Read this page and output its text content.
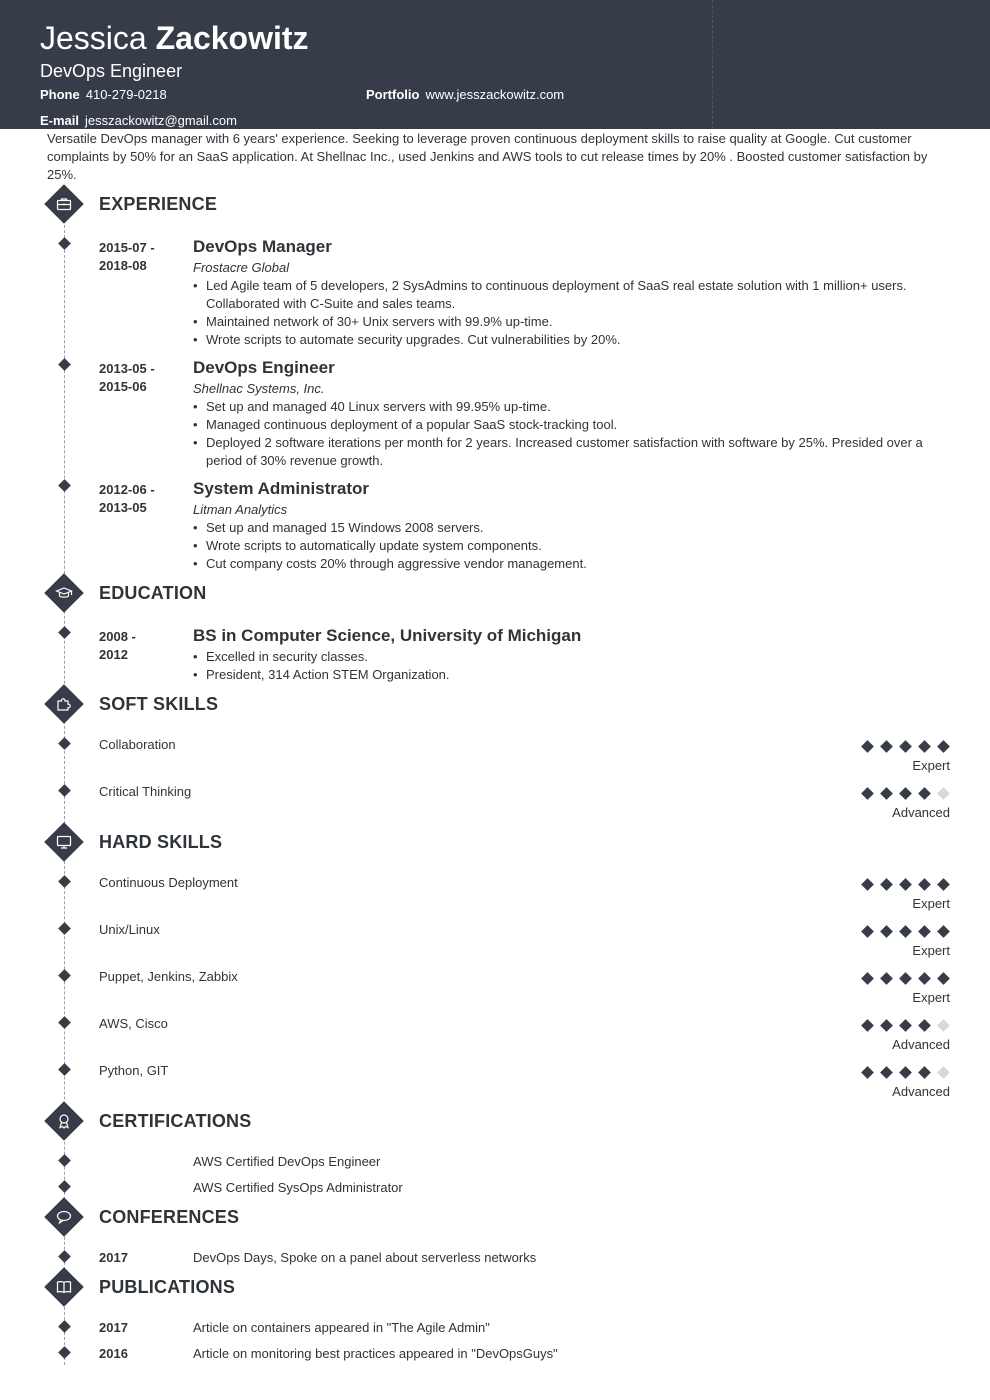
Jessica Zackowitz
DevOps Engineer
Phone 410-279-0218	Portfolio www.jesszackowitz.com
E-mail jesszackowitz@gmail.com
Versatile DevOps manager with 6 years' experience. Seeking to leverage proven continuous deployment skills to raise quality at Google. Cut customer complaints by 50% for an SaaS application. At Shellnac Inc., used Jenkins and AWS tools to cut release times by 20% . Boosted customer satisfaction by 25%.
EXPERIENCE
2015-07 -
2018-08
DevOps Manager
Frostacre Global
• Led Agile team of 5 developers, 2 SysAdmins to continuous deployment of SaaS real estate solution with 1 million+ users. Collaborated with C-Suite and sales teams.
• Maintained network of 30+ Unix servers with 99.9% up-time.
• Wrote scripts to automate security upgrades. Cut vulnerabilities by 20%.
2013-05 -
2015-06
DevOps Engineer
Shellnac Systems, Inc.
• Set up and managed 40 Linux servers with 99.95% up-time.
• Managed continuous deployment of a popular SaaS stock-tracking tool.
• Deployed 2 software iterations per month for 2 years. Increased customer satisfaction with software by 25%. Presided over a period of 30% revenue growth.
2012-06 -
2013-05
System Administrator
Litman Analytics
• Set up and managed 15 Windows 2008 servers.
• Wrote scripts to automatically update system components.
• Cut company costs 20% through aggressive vendor management.
EDUCATION
2008 -
2012
BS in Computer Science, University of Michigan
• Excelled in security classes.
• President, 314 Action STEM Organization.
SOFT SKILLS
Collaboration
Expert
Critical Thinking
Advanced
HARD SKILLS
Continuous Deployment
Expert
Unix/Linux
Expert
Puppet, Jenkins, Zabbix
Expert
AWS, Cisco
Advanced
Python, GIT
Advanced
CERTIFICATIONS
AWS Certified DevOps Engineer
AWS Certified SysOps Administrator
CONFERENCES
2017	DevOps Days, Spoke on a panel about serverless networks
PUBLICATIONS
2017	Article on containers appeared in "The Agile Admin"
2016	Article on monitoring best practices appeared in "DevOpsGuys"
